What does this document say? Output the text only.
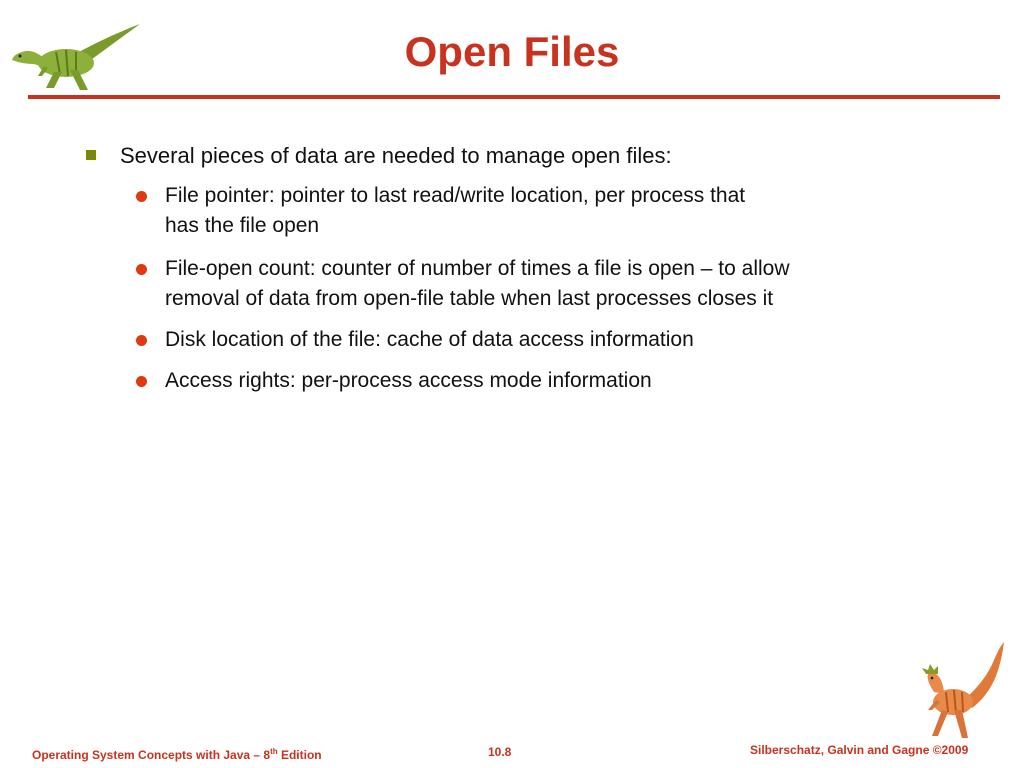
Open Files
Several pieces of data are needed to manage open files:
File pointer: pointer to last read/write location, per process that
has the file open
File-open count: counter of number of times a file is open – to allow
removal of data from open-file table when last processes closes it
Disk location of the file: cache of data access information
Access rights: per-process access mode information
Operating System Concepts with Java – 8th Edition	10.8	Silberschatz, Galvin and Gagne ©2009
